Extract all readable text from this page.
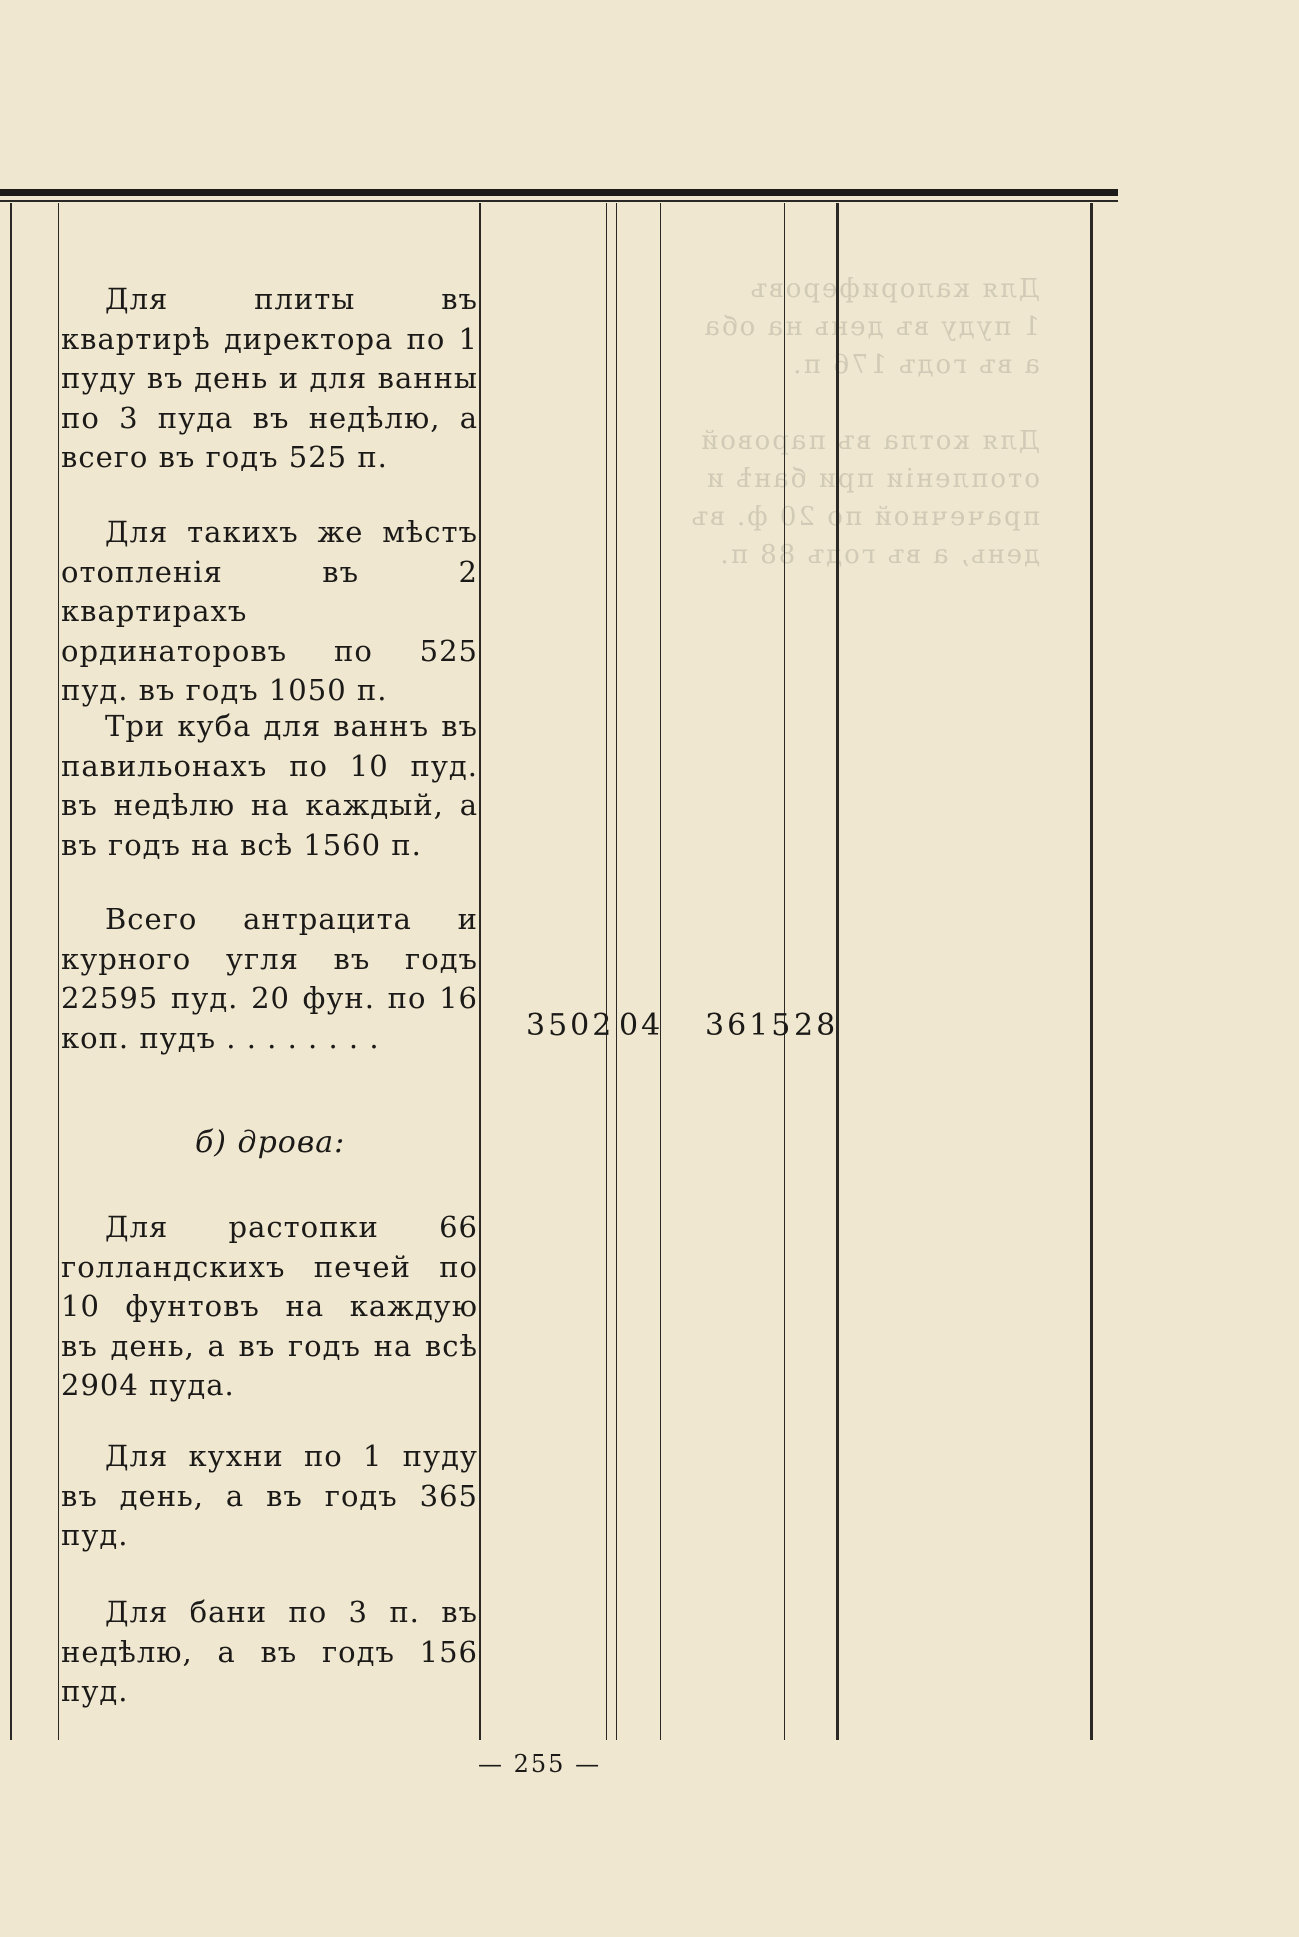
Для калориферовъ
1 пуду въ день на оба
а въ годъ 176 п.

Для котла въ паровой
отопленіи при банѣ и
прачечной по 20 ф. въ
день, а въ годъ 88 п.

Для плиты въ квартирѣ директора по 1 пуду въ день и для ванны по 3 пуда въ недѣлю, а всего въ годъ 525 п.

Для такихъ же мѣстъ отопленія въ 2 квартирахъ ординаторовъ по 525 пуд. въ годъ 1050 п.

Три куба для ваннъ въ павильонахъ по 10 пуд. въ недѣлю на каждый, а въ годъ на всѣ 1560 п.

Всего антрацита и курного угля въ годъ 22595 пуд. 20 фун. по 16 коп. пудъ . . . . . . . .	3502 04 3615 28
б) дрова:

Для растопки 66 голландскихъ печей по 10 фунтовъ на каждую въ день, а въ годъ на всѣ 2904 пуда.

Для кухни по 1 пуду въ день, а въ годъ 365 пуд.

Для бани по 3 п. въ недѣлю, а въ годъ 156 пуд.

— 255 —
